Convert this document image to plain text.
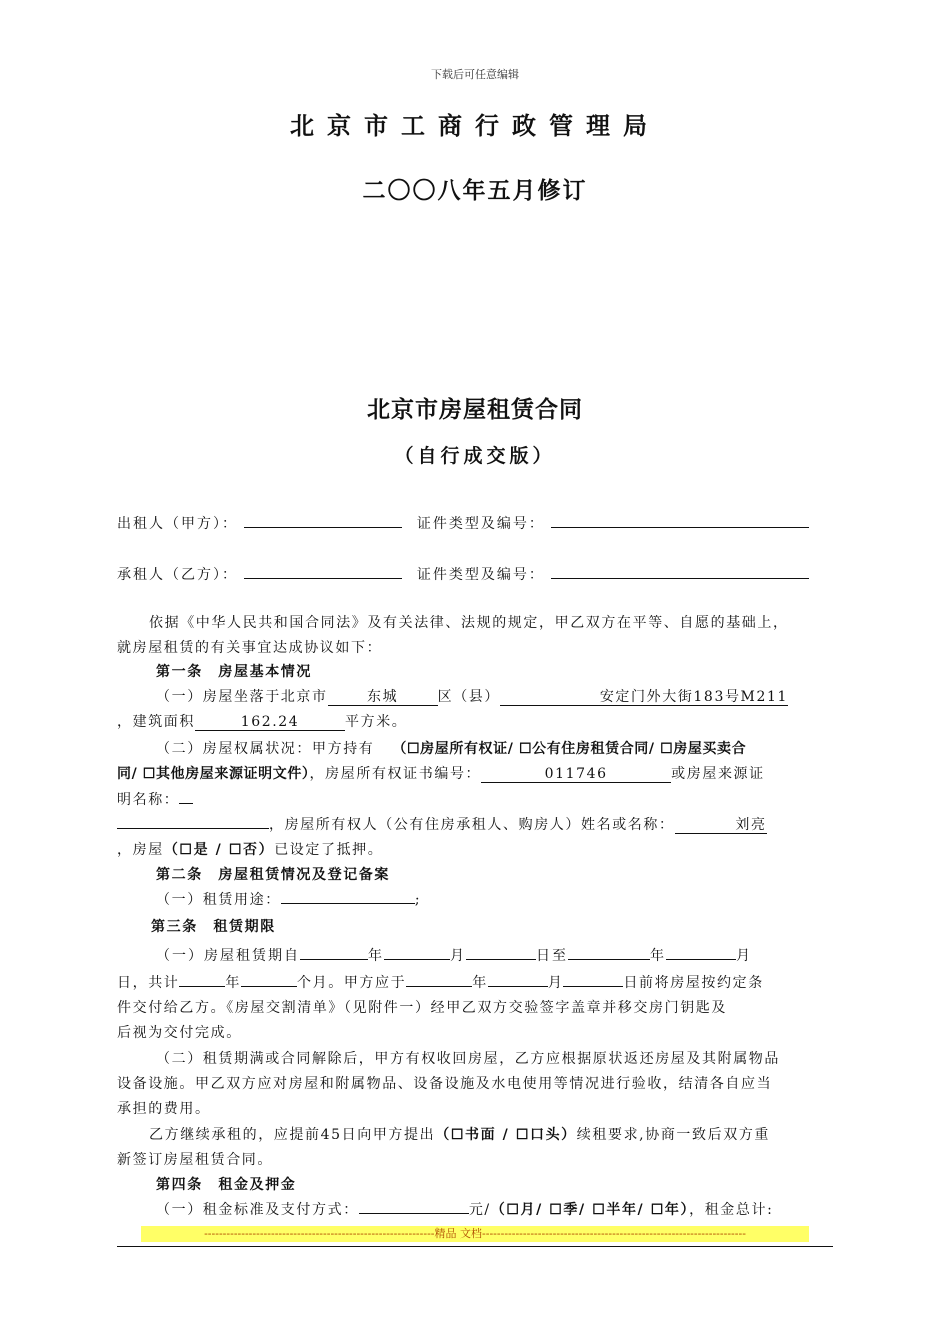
下载后可任意编辑
北京市工商行政管理局
二〇〇八年五月修订
北京市房屋租赁合同
（自行成交版）
出租人（甲方）：	证件类型及编号：
承租人（乙方）：	证件类型及编号：
依据《中华人民共和国合同法》及有关法律、法规的规定，甲乙双方在平等、自愿的基础上，
就房屋租赁的有关事宜达成协议如下：
第一条　房屋基本情况
（一）房屋坐落于北京市	东城	区（县）	安定门外大街183号M211
，建筑面积	162.24	平方米。
（二）房屋权属状况：甲方持有 （☐房屋所有权证/ ☐公有住房租赁合同/ ☐房屋买卖合
同/ ☐其他房屋来源证明文件），房屋所有权证书编号：	011746	或房屋来源证
明名称：
，房屋所有权人（公有住房承租人、购房人）姓名或名称：	刘亮
，房屋（☐是 / ☐否）已设定了抵押。
第二条　房屋租赁情况及登记备案
（一）租赁用途：	;
第三条　租赁期限
（一）房屋租赁期自	年	月	日至	年	月
日，共计	年	个月。甲方应于	年	月	日前将房屋按约定条
件交付给乙方。《房屋交割清单》（见附件一）经甲乙双方交验签字盖章并移交房门钥匙及
后视为交付完成。
（二）租赁期满或合同解除后，甲方有权收回房屋，乙方应根据原状返还房屋及其附属物品
设备设施。甲乙双方应对房屋和附属物品、设备设施及水电使用等情况进行验收，结清各自应当
承担的费用。
乙方继续承租的，应提前45日向甲方提出（☐书面 / ☐口头）续租要求,协商一致后双方重
新签订房屋租赁合同。
第四条　租金及押金
（一）租金标准及支付方式：	元/（☐月/ ☐季/ ☐半年/ ☐年），租金总计:
--------------------------------------------------------------精品 文档-----------------------------------------------------------------------
